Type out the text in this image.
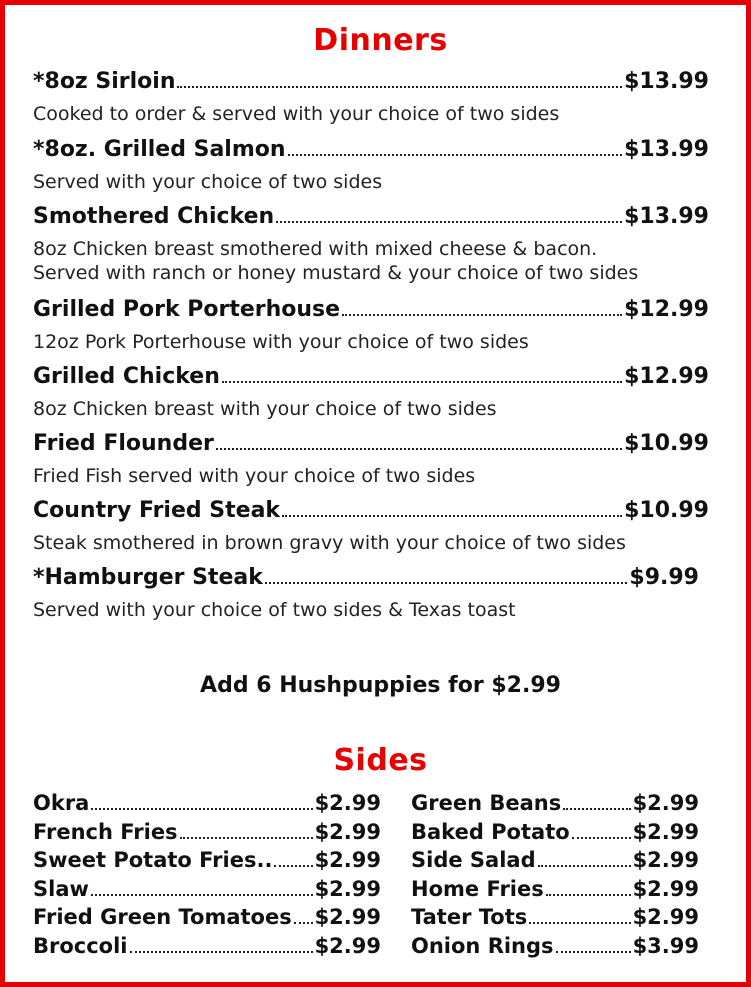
Dinners
*8oz Sirloin	$13.99
Cooked to order & served with your choice of two sides
*8oz. Grilled Salmon	$13.99
Served with your choice of two sides
Smothered Chicken	$13.99
8oz Chicken breast smothered with mixed cheese & bacon.
Served with ranch or honey mustard & your choice of two sides
Grilled Pork Porterhouse	$12.99
12oz Pork Porterhouse with your choice of two sides
Grilled Chicken	$12.99
8oz Chicken breast with your choice of two sides
Fried Flounder	$10.99
Fried Fish served with your choice of two sides
Country Fried Steak	$10.99
Steak smothered in brown gravy with your choice of two sides
*Hamburger Steak	$9.99
Served with your choice of two sides & Texas toast
Add 6 Hushpuppies for $2.99
Sides
Okra	$2.99
French Fries	$2.99
Sweet Potato Fries.. $2.99
Slaw	$2.99
Fried Green Tomatoes $2.99
Broccoli	$2.99
Green Beans	$2.99
Baked Potato	$2.99
Side Salad	$2.99
Home Fries	$2.99
Tater Tots	$2.99
Onion Rings	$3.99
